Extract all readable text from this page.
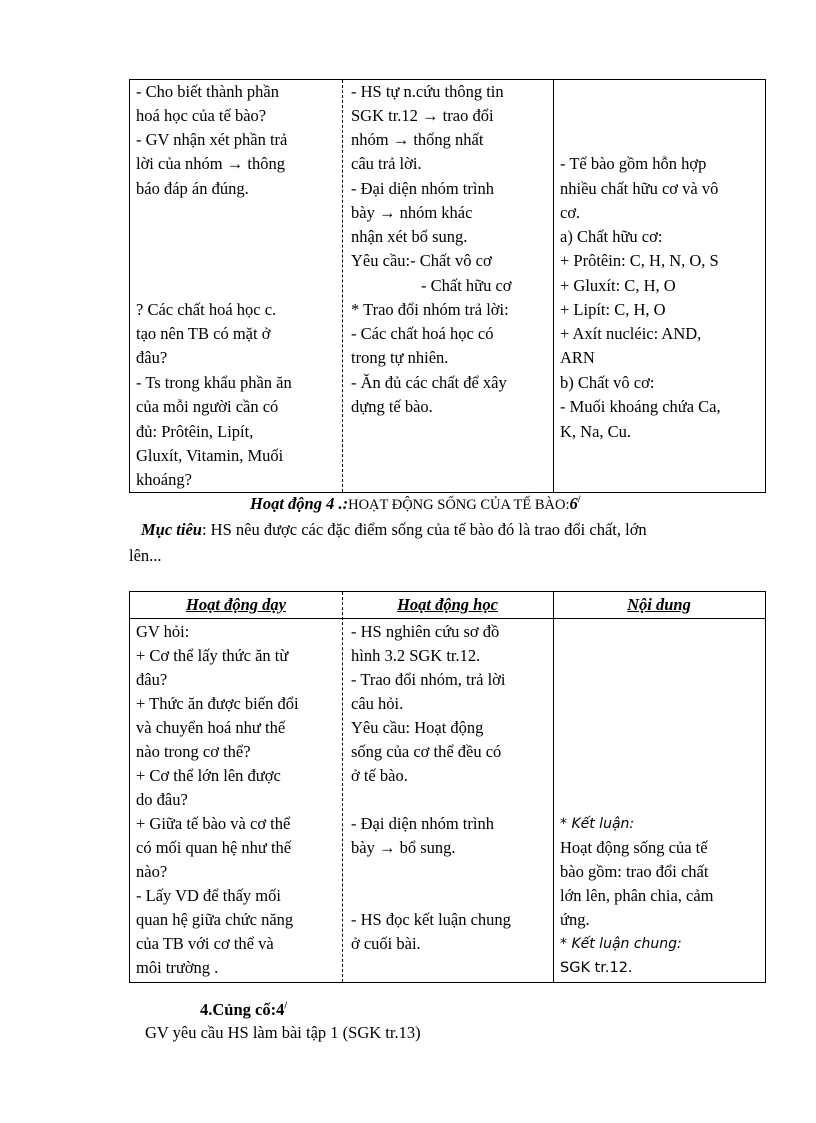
- Cho biết thành phần
hoá học của tế bào?
- GV nhận xét phần trả
lời của nhóm → thông
báo đáp án đúng.
? Các chất hoá học c.
tạo nên TB có mặt ở
đâu?
- Ts trong khẩu phần ăn
của mỗi người cần có
đủ: Prôtêin, Lipít,
Gluxít, Vitamin, Muối
khoáng?
- HS tự n.cứu thông tin
SGK tr.12 → trao đổi
nhóm → thống nhất
câu trả lời.
- Đại diện nhóm trình
bày → nhóm khác
nhận xét bổ sung.
Yêu cầu:- Chất vô cơ
- Chất hữu cơ
* Trao đổi nhóm trả lời:
- Các chất hoá học có
trong tự nhiên.
- Ăn đủ các chất để xây
dựng tế bào.
- Tế bào gồm hỗn hợp
nhiều chất hữu cơ và vô
cơ.
a) Chất hữu cơ:
+ Prôtêin: C, H, N, O, S
+ Gluxít: C, H, O
+ Lipít: C, H, O
+ Axít nucléic: AND,
ARN
b) Chất vô cơ:
- Muối khoáng chứa Ca,
K, Na, Cu.
Hoạt động 4 .:HOẠT ĐỘNG SỐNG CỦA TẾ BÀO:6/
Mục tiêu: HS nêu được các đặc điểm sống của tế bào đó là trao đổi chất, lớn
lên...
Hoạt động dạy	Hoạt động học	Nội dung
GV hỏi:
+ Cơ thể lấy thức ăn từ
đâu?
+ Thức ăn được biến đổi
và chuyển hoá như thế
nào trong cơ thể?
+ Cơ thể lớn lên được
do đâu?
+ Giữa tế bào và cơ thể
có mối quan hệ như thế
nào?
- Lấy VD để thấy mối
quan hệ giữa chức năng
của TB với cơ thể và
môi trường .
- HS nghiên cứu sơ đồ
hình 3.2 SGK tr.12.
- Trao đổi nhóm, trả lời
câu hỏi.
Yêu cầu: Hoạt động
sống của cơ thể đều có
ở tế bào.
- Đại diện nhóm trình
bày → bổ sung.
- HS đọc kết luận chung
ở cuối bài.
* Kết luận:
Hoạt động sống của tế
bào gồm: trao đổi chất
lớn lên, phân chia, cảm
ứng.
* Kết luận chung:
SGK tr.12.
4.Củng cố:4/
GV yêu cầu HS làm bài tập 1 (SGK tr.13)
